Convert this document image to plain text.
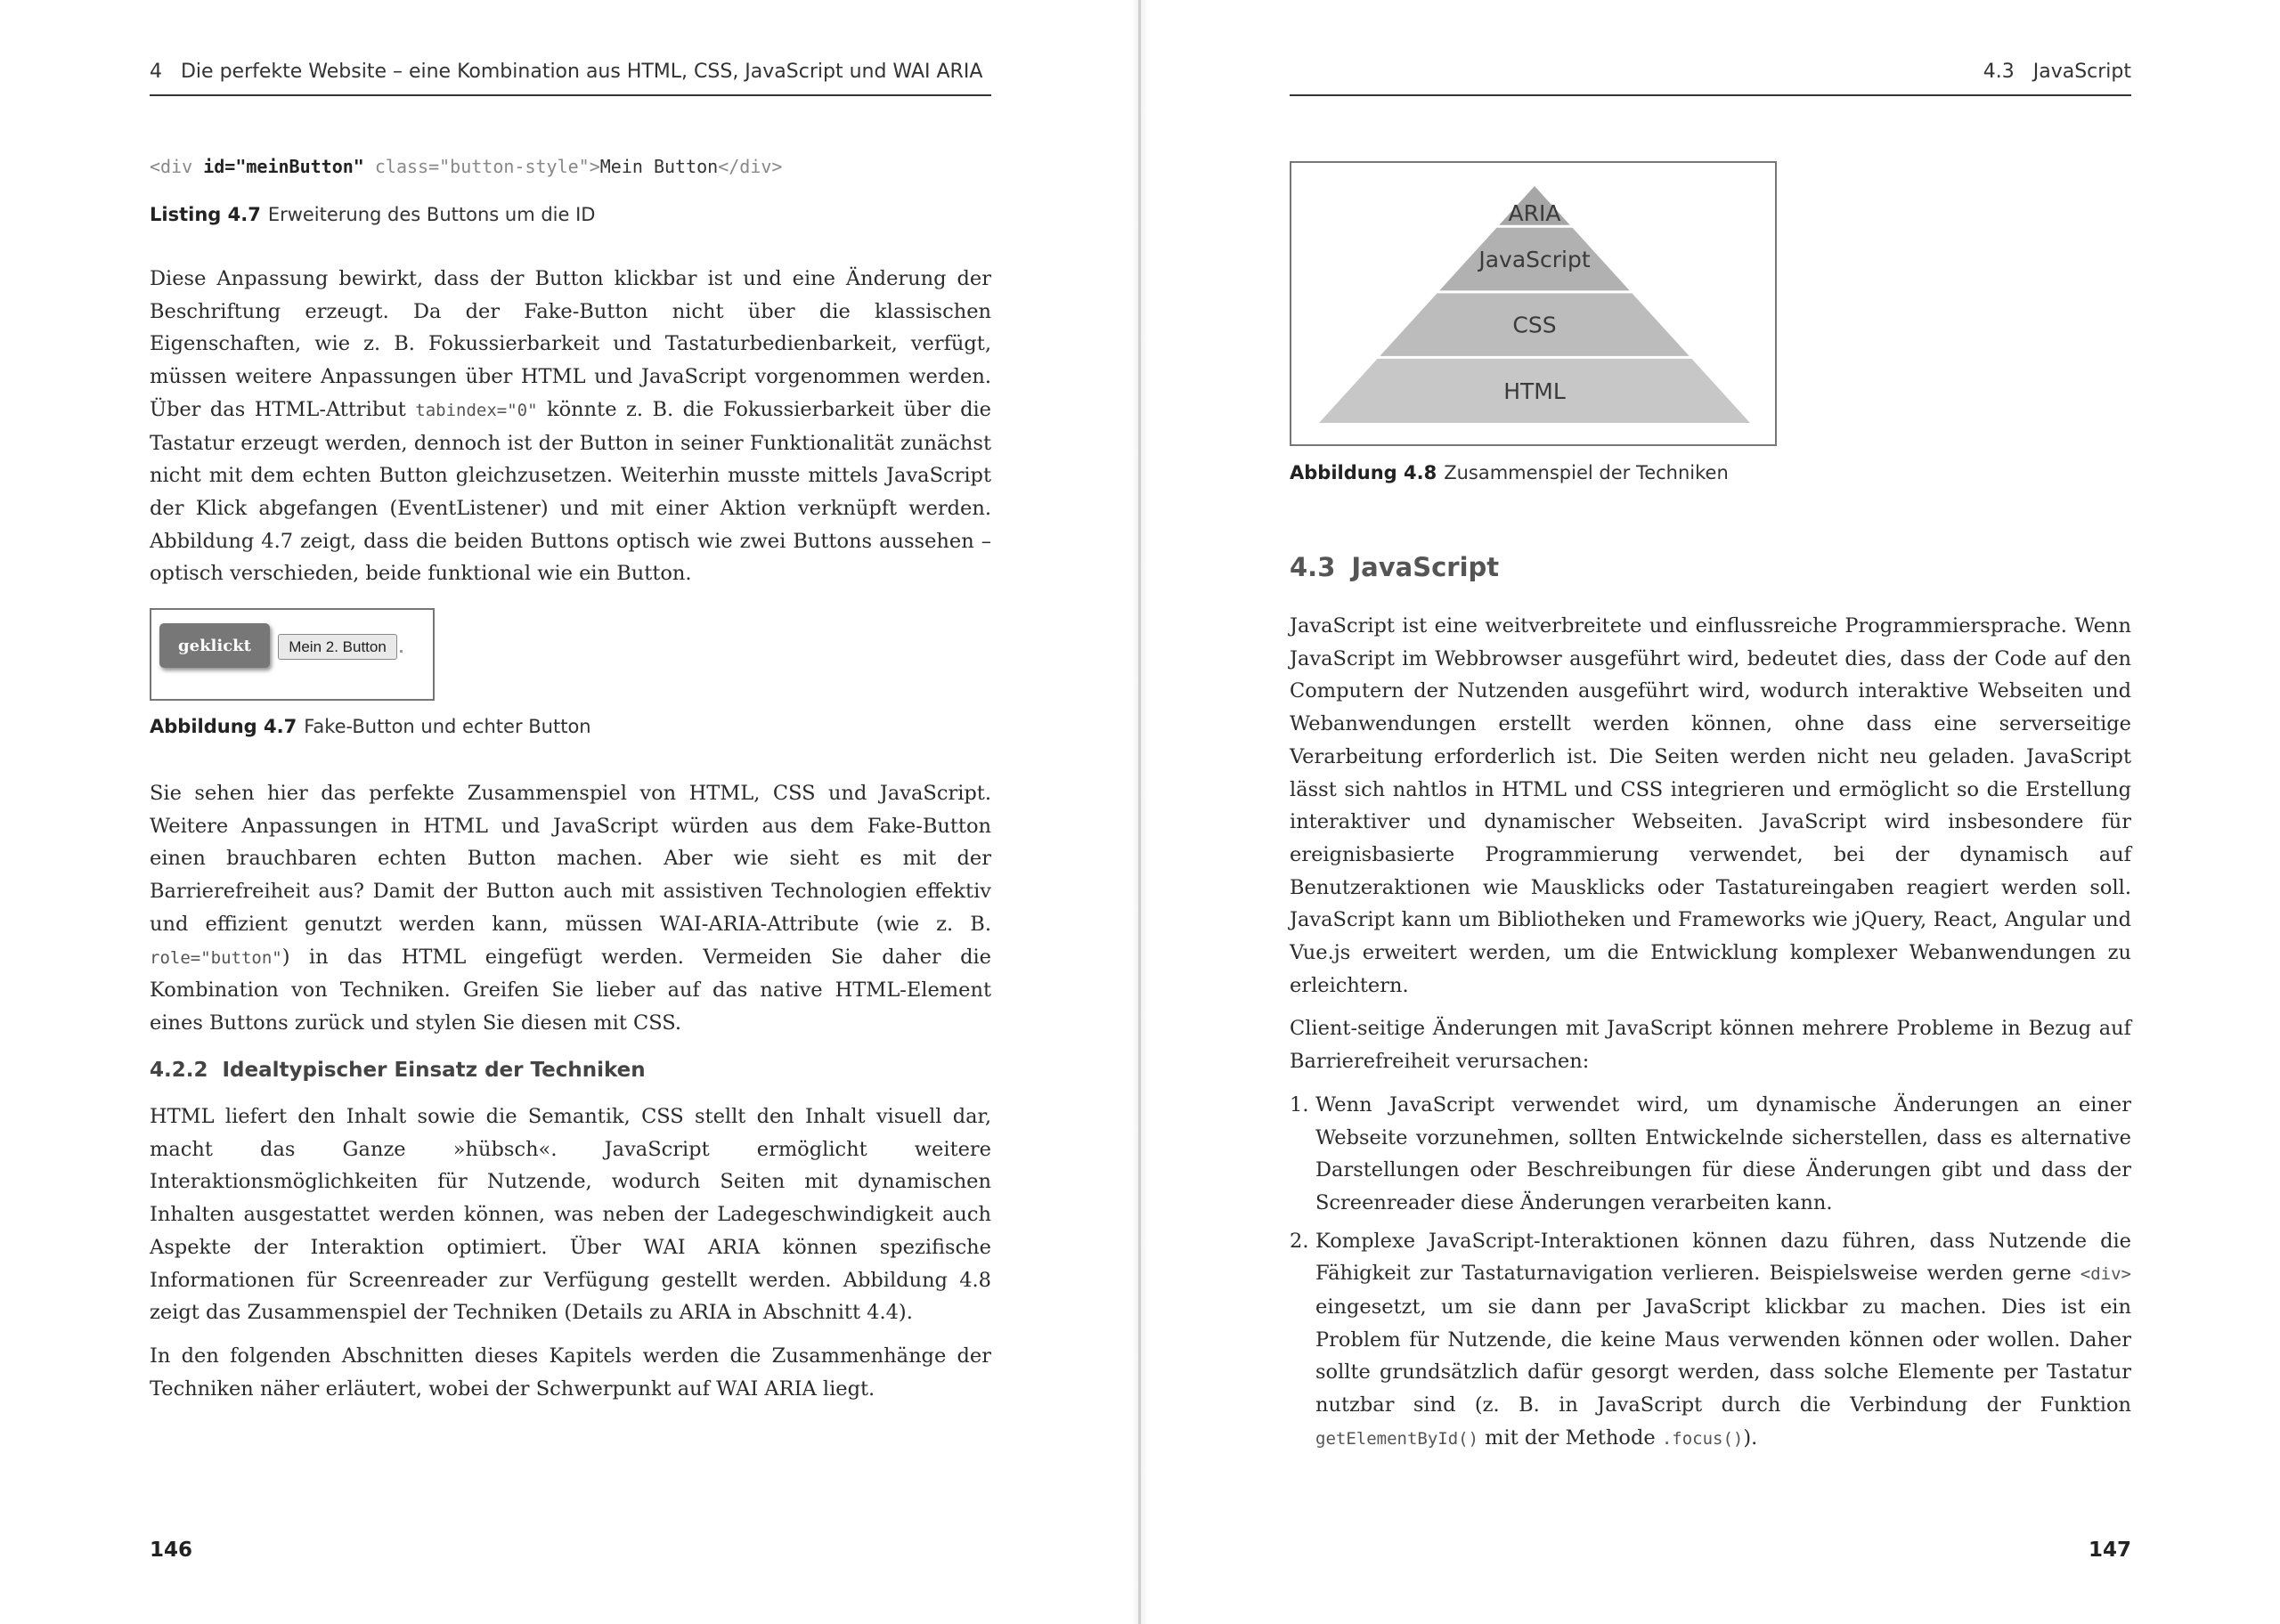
4 Die perfekte Website – eine Kombination aus HTML, CSS, JavaScript und WAI ARIA
<div id="meinButton" class="button-style">Mein Button</div>
Listing 4.7 Erweiterung des Buttons um die ID

Diese Anpassung bewirkt, dass der Button klickbar ist und eine Änderung der Beschriftung erzeugt. Da der Fake-Button nicht über die klassischen Eigenschaften, wie z. B. Fokussierbarkeit und Tastaturbedienbarkeit, verfügt, müssen weitere Anpassungen über HTML und JavaScript vorgenommen werden. Über das HTML-Attribut tabindex="0" könnte z. B. die Fokussierbarkeit über die Tastatur erzeugt werden, dennoch ist der Button in seiner Funktionalität zunächst nicht mit dem echten Button gleichzusetzen. Weiterhin musste mittels JavaScript der Klick abgefangen (EventListener) und mit einer Aktion verknüpft werden. Abbildung 4.7 zeigt, dass die beiden Buttons optisch wie zwei Buttons aussehen – optisch verschieden, beide funktional wie ein Button.

geklickt	Mein 2. Button
Abbildung 4.7 Fake-Button und echter Button

Sie sehen hier das perfekte Zusammenspiel von HTML, CSS und JavaScript. Weitere Anpassungen in HTML und JavaScript würden aus dem Fake-Button einen brauchbaren echten Button machen. Aber wie sieht es mit der Barrierefreiheit aus? Damit der Button auch mit assistiven Technologien effektiv und effizient genutzt werden kann, müssen WAI-ARIA-Attribute (wie z. B. role="button") in das HTML eingefügt werden. Vermeiden Sie daher die Kombination von Techniken. Greifen Sie lieber auf das native HTML-Element eines Buttons zurück und stylen Sie diesen mit CSS.

4.2.2 Idealtypischer Einsatz der Techniken

HTML liefert den Inhalt sowie die Semantik, CSS stellt den Inhalt visuell dar, macht das Ganze »hübsch«. JavaScript ermöglicht weitere Interaktionsmöglichkeiten für Nutzende, wodurch Seiten mit dynamischen Inhalten ausgestattet werden können, was neben der Ladegeschwindigkeit auch Aspekte der Interaktion optimiert. Über WAI ARIA können spezifische Informationen für Screenreader zur Verfügung gestellt werden. Abbildung 4.8 zeigt das Zusammenspiel der Techniken (Details zu ARIA in Abschnitt 4.4).

In den folgenden Abschnitten dieses Kapitels werden die Zusammenhänge der Techniken näher erläutert, wobei der Schwerpunkt auf WAI ARIA liegt.

146
4.3 JavaScript
ARIA
JavaScript
CSS
HTML
Abbildung 4.8 Zusammenspiel der Techniken
4.3 JavaScript

JavaScript ist eine weitverbreitete und einflussreiche Programmiersprache. Wenn JavaScript im Webbrowser ausgeführt wird, bedeutet dies, dass der Code auf den Computern der Nutzenden ausgeführt wird, wodurch interaktive Webseiten und Webanwendungen erstellt werden können, ohne dass eine serverseitige Verarbeitung erforderlich ist. Die Seiten werden nicht neu geladen. JavaScript lässt sich nahtlos in HTML und CSS integrieren und ermöglicht so die Erstellung interaktiver und dynamischer Webseiten. JavaScript wird insbesondere für ereignisbasierte Programmierung verwendet, bei der dynamisch auf Benutzeraktionen wie Mausklicks oder Tastatureingaben reagiert werden soll. JavaScript kann um Bibliotheken und Frameworks wie jQuery, React, Angular und Vue.js erweitert werden, um die Entwicklung komplexer Webanwendungen zu erleichtern.

Client-seitige Änderungen mit JavaScript können mehrere Probleme in Bezug auf Barrierefreiheit verursachen:

1. Wenn JavaScript verwendet wird, um dynamische Änderungen an einer Webseite vorzunehmen, sollten Entwickelnde sicherstellen, dass es alternative Darstellungen oder Beschreibungen für diese Änderungen gibt und dass der Screenreader diese Änderungen verarbeiten kann.
2. Komplexe JavaScript-Interaktionen können dazu führen, dass Nutzende die Fähigkeit zur Tastaturnavigation verlieren. Beispielsweise werden gerne <div> eingesetzt, um sie dann per JavaScript klickbar zu machen. Dies ist ein Problem für Nutzende, die keine Maus verwenden können oder wollen. Daher sollte grundsätzlich dafür gesorgt werden, dass solche Elemente per Tastatur nutzbar sind (z. B. in JavaScript durch die Verbindung der Funktion getElementById() mit der Methode .focus()).
147
